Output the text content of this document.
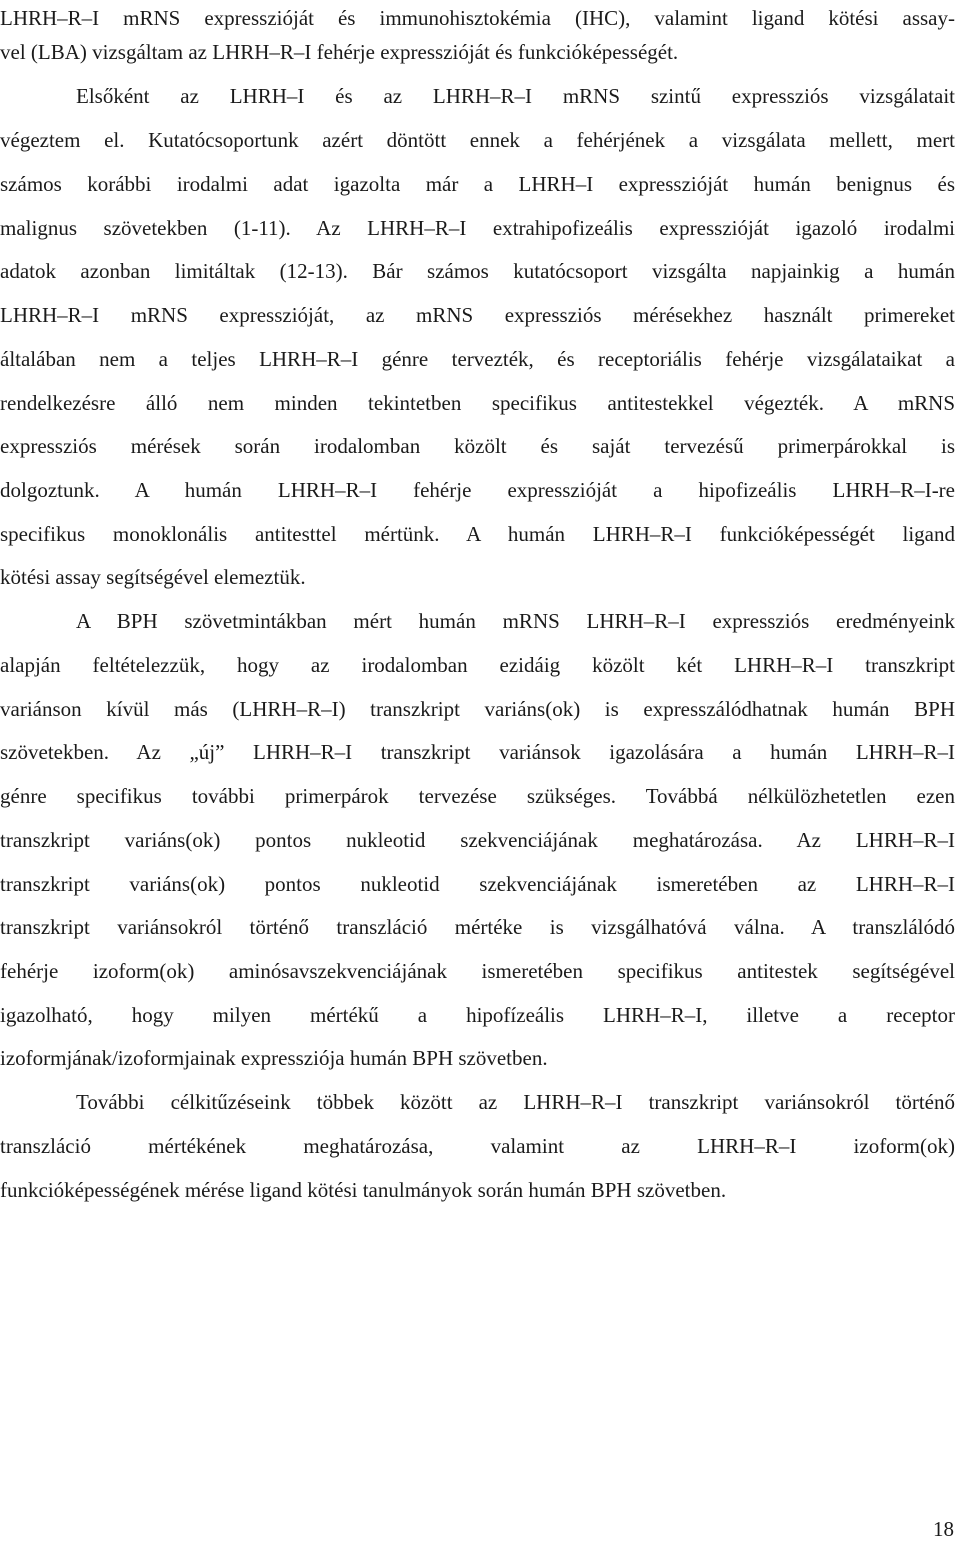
LHRH–R–I mRNS expresszióját és immunohisztokémia (IHC), valamint ligand kötési assay-
vel (LBA) vizsgáltam az LHRH–R–I fehérje expresszióját és funkcióképességét.
Elsőként az LHRH–I és az LHRH–R–I mRNS szintű expressziós vizsgálatait
végeztem el. Kutatócsoportunk azért döntött ennek a fehérjének a vizsgálata mellett, mert
számos korábbi irodalmi adat igazolta már a LHRH–I expresszióját humán benignus és
malignus szövetekben (1-11). Az LHRH–R–I extrahipofizeális expresszióját igazoló irodalmi
adatok azonban limitáltak (12-13). Bár számos kutatócsoport vizsgálta napjainkig a humán
LHRH–R–I mRNS expresszióját, az mRNS expressziós mérésekhez használt primereket
általában nem a teljes LHRH–R–I génre tervezték, és receptoriális fehérje vizsgálataikat a
rendelkezésre álló nem minden tekintetben specifikus antitestekkel végezték. A mRNS
expressziós mérések során irodalomban közölt és saját tervezésű primerpárokkal is
dolgoztunk. A humán LHRH–R–I fehérje expresszióját a hipofizeális LHRH–R–I-re
specifikus monoklonális antitesttel mértünk. A humán LHRH–R–I funkcióképességét ligand
kötési assay segítségével elemeztük.
A BPH szövetmintákban mért humán mRNS LHRH–R–I expressziós eredményeink
alapján feltételezzük, hogy az irodalomban ezidáig közölt két LHRH–R–I transzkript
variánson kívül más (LHRH–R–I) transzkript variáns(ok) is expresszálódhatnak humán BPH
szövetekben. Az „új” LHRH–R–I transzkript variánsok igazolására a humán LHRH–R–I
génre specifikus további primerpárok tervezése szükséges. Továbbá nélkülözhetetlen ezen
transzkript variáns(ok) pontos nukleotid szekvenciájának meghatározása. Az LHRH–R–I
transzkript variáns(ok) pontos nukleotid szekvenciájának ismeretében az LHRH–R–I
transzkript variánsokról történő transzláció mértéke is vizsgálhatóvá válna. A transzlálódó
fehérje izoform(ok) aminósavszekvenciájának ismeretében specifikus antitestek segítségével
igazolható, hogy milyen mértékű a hipofízeális LHRH–R–I, illetve a receptor
izoformjának/izoformjainak expressziója humán BPH szövetben.
További célkitűzéseink többek között az LHRH–R–I transzkript variánsokról történő
transzláció mértékének meghatározása, valamint az LHRH–R–I izoform(ok)
funkcióképességének mérése ligand kötési tanulmányok során humán BPH szövetben.
18
